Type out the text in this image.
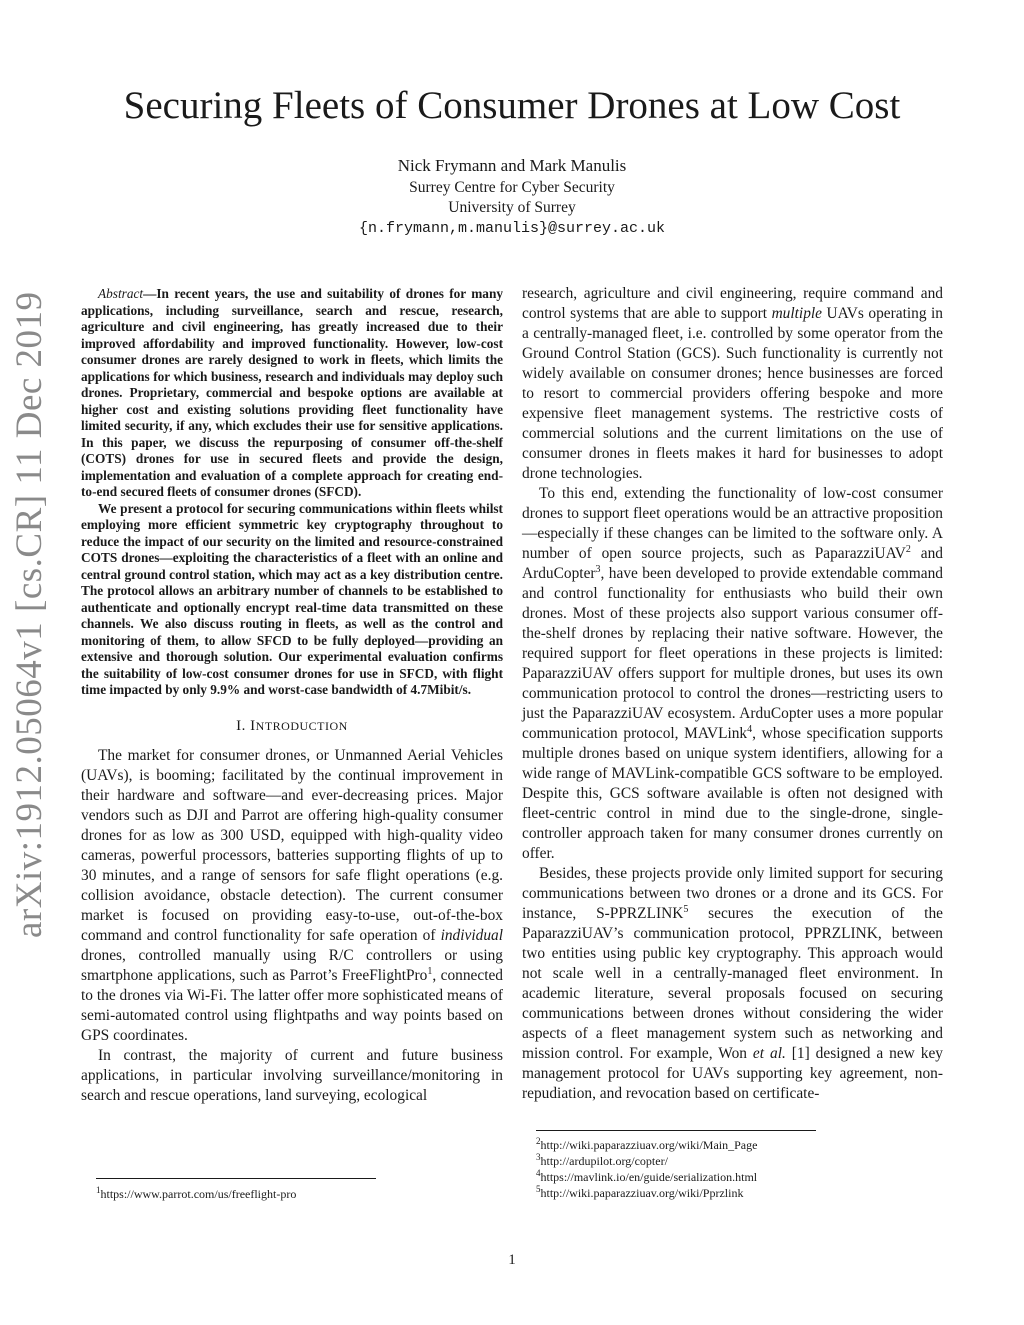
Securing Fleets of Consumer Drones at Low Cost
Nick Frymann and Mark Manulis
Surrey Centre for Cyber Security
University of Surrey
{n.frymann,m.manulis}@surrey.ac.uk
arXiv:1912.05064v1 [cs.CR] 11 Dec 2019	Abstract—In recent years, the use and suitability of drones for many applications, including surveillance, search and rescue, research, agriculture and civil engineering, has greatly increased due to their improved affordability and improved functionality. However, low-cost consumer drones are rarely designed to work in fleets, which limits the applications for which business, research and individuals may deploy such drones. Proprietary, commercial and bespoke options are available at higher cost and existing solutions providing fleet functionality have limited security, if any, which excludes their use for sensitive applications. In this paper, we discuss the repurposing of consumer off-the-shelf (COTS) drones for use in secured fleets and provide the design, implementation and evaluation of a complete approach for creating end-to-end secured fleets of consumer drones (SFCD).

We present a protocol for securing communications within fleets whilst employing more efficient symmetric key cryptography throughout to reduce the impact of our security on the limited and resource-constrained COTS drones—exploiting the characteristics of a fleet with an online and central ground control station, which may act as a key distribution centre. The protocol allows an arbitrary number of channels to be established to authenticate and optionally encrypt real-time data transmitted on these channels. We also discuss routing in fleets, as well as the control and monitoring of them, to allow SFCD to be fully deployed—providing an extensive and thorough solution. Our experimental evaluation confirms the suitability of low-cost consumer drones for use in SFCD, with flight time impacted by only 9.9% and worst-case bandwidth of 4.7Mibit/s.

I. INTRODUCTION

The market for consumer drones, or Unmanned Aerial Vehicles (UAVs), is booming; facilitated by the continual improvement in their hardware and software—and ever-decreasing prices. Major vendors such as DJI and Parrot are offering high-quality consumer drones for as low as 300 USD, equipped with high-quality video cameras, powerful processors, batteries supporting flights of up to 30 minutes, and a range of sensors for safe flight operations (e.g. collision avoidance, obstacle detection). The current consumer market is focused on providing easy-to-use, out-of-the-box command and control functionality for safe operation of individual drones, controlled manually using R/C controllers or using smartphone applications, such as Parrot’s FreeFlightPro$^1$, connected to the drones via Wi-Fi. The latter offer more sophisticated means of semi-automated control using flightpaths and way points based on GPS coordinates.

In contrast, the majority of current and future business applications, in particular involving surveillance/monitoring in search and rescue operations, land surveying, ecological

$^1$https://www.parrot.com/us/freeflight-pro

research, agriculture and civil engineering, require command and control systems that are able to support multiple UAVs operating in a centrally-managed fleet, i.e. controlled by some operator from the Ground Control Station (GCS). Such functionality is currently not widely available on consumer drones; hence businesses are forced to resort to commercial providers offering bespoke and more expensive fleet management systems. The restrictive costs of commercial solutions and the current limitations on the use of consumer drones in fleets makes it hard for businesses to adopt drone technologies.

To this end, extending the functionality of low-cost consumer drones to support fleet operations would be an attractive proposition—especially if these changes can be limited to the software only. A number of open source projects, such as PaparazziUAV$^2$ and ArduCopter$^3$, have been developed to provide extendable command and control functionality for enthusiasts who build their own drones. Most of these projects also support various consumer off-the-shelf drones by replacing their native software. However, the required support for fleet operations in these projects is limited: PaparazziUAV offers support for multiple drones, but uses its own communication protocol to control the drones—restricting users to just the PaparazziUAV ecosystem. ArduCopter uses a more popular communication protocol, MAVLink$^4$, whose specification supports multiple drones based on unique system identifiers, allowing for a wide range of MAVLink-compatible GCS software to be employed. Despite this, GCS software available is often not designed with fleet-centric control in mind due to the single-drone, single-controller approach taken for many consumer drones currently on offer.

Besides, these projects provide only limited support for securing communications between two drones or a drone and its GCS. For instance, S-PPRZLINK$^5$ secures the execution of the PaparazziUAV’s communication protocol, PPRZLINK, between two entities using public key cryptography. This approach would not scale well in a centrally-managed fleet environment. In academic literature, several proposals focused on securing communications between drones without considering the wider aspects of a fleet management system such as networking and mission control. For example, Won et al. [1] designed a new key management protocol for UAVs supporting key agreement, non-repudiation, and revocation based on certificate-

$^2$http://wiki.paparazziuav.org/wiki/Main_Page
$^3$http://ardupilot.org/copter/
$^4$https://mavlink.io/en/guide/serialization.html
$^5$http://wiki.paparazziuav.org/wiki/Pprzlink
1
